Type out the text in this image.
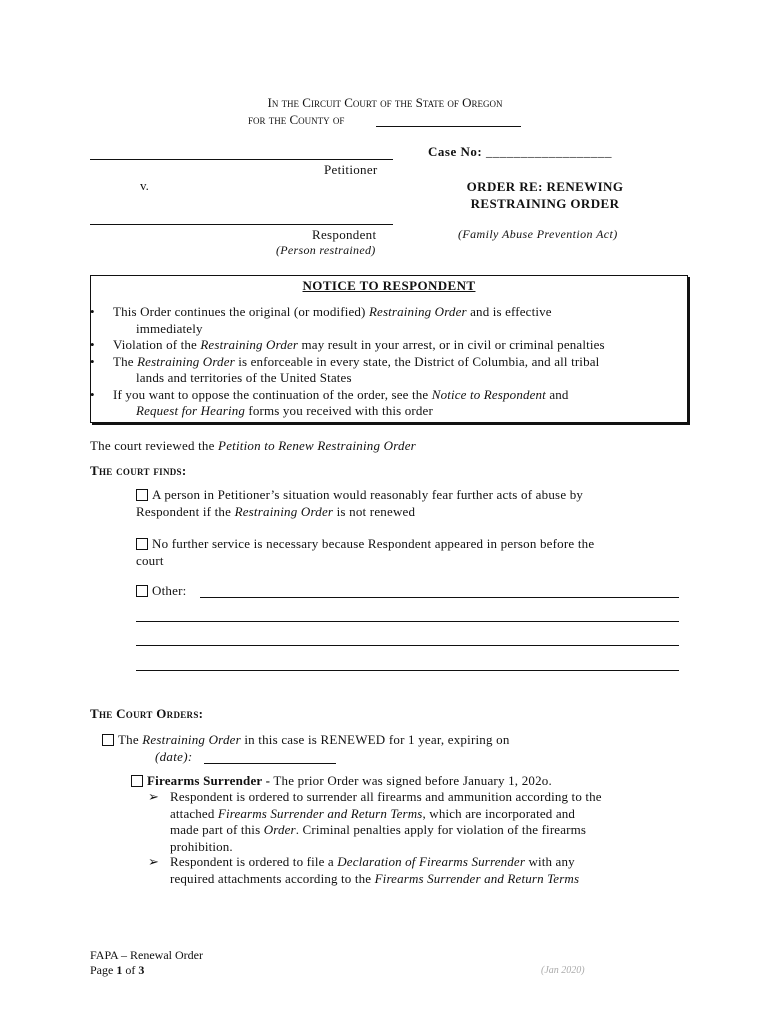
In the Circuit Court of the State of Oregon
for the County of
Petitioner
v.
Respondent
(Person restrained)
Case No: __________________
ORDER RE: RENEWING
RESTRAINING ORDER
(Family Abuse Prevention Act)
NOTICE TO RESPONDENT
• This Order continues the original (or modified) Restraining Order and is effective
immediately
• Violation of the Restraining Order may result in your arrest, or in civil or criminal penalties
• The Restraining Order is enforceable in every state, the District of Columbia, and all tribal
lands and territories of the United States
• If you want to oppose the continuation of the order, see the Notice to Respondent and
Request for Hearing forms you received with this order
The court reviewed the Petition to Renew Restraining Order
The court finds:
A person in Petitioner’s situation would reasonably fear further acts of abuse by
Respondent if the Restraining Order is not renewed
No further service is necessary because Respondent appeared in person before the
court
Other:
The Court Orders:
The Restraining Order in this case is RENEWED for 1 year, expiring on
(date):
Firearms Surrender - The prior Order was signed before January 1, 202o.
➢ Respondent is ordered to surrender all firearms and ammunition according to the
attached Firearms Surrender and Return Terms, which are incorporated and
made part of this Order. Criminal penalties apply for violation of the firearms
prohibition.
➢ Respondent is ordered to file a Declaration of Firearms Surrender with any
required attachments according to the Firearms Surrender and Return Terms
FAPA – Renewal Order
Page 1 of 3	(Jan 2020)
